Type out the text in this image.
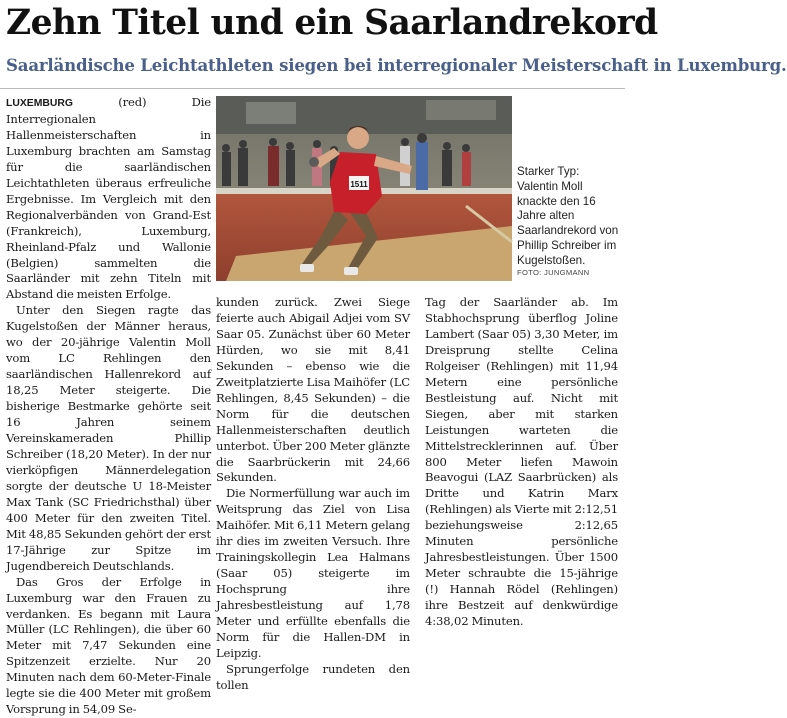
Zehn Titel und ein Saarlandrekord
Saarländische Leichtathleten siegen bei interregionaler Meisterschaft in Luxemburg.

LUXEMBURG	(red) Die Interregionalen Hallenmeisterschaften in Luxemburg brachten am Samstag für die saarländischen Leichtathleten überaus erfreuliche Ergebnisse. Im Vergleich mit den Regionalverbänden von Grand-Est (Frankreich), Luxemburg, Rheinland-Pfalz und Wallonie (Belgien) sammelten die Saarländer mit zehn Titeln mit Abstand die meisten Erfolge.

Unter den Siegen ragte das Kugelstoßen der Männer heraus, wo der 20-jährige Valentin Moll vom LC Rehlingen den saarländischen Hallenrekord auf 18,25 Meter steigerte. Die bisherige Bestmarke gehörte seit 16 Jahren seinem Vereinskameraden Phillip Schreiber (18,20 Meter). In der nur vierköpfigen Männerdelegation sorgte der deutsche U 18-Meister Max Tank (SC Friedrichsthal) über 400 Meter für den zweiten Titel. Mit 48,85 Sekunden gehört der erst 17-Jährige zur Spitze im Jugendbereich Deutschlands.

Das Gros der Erfolge in Luxemburg war den Frauen zu verdanken. Es begann mit Laura Müller (LC Rehlingen), die über 60 Meter mit 7,47 Sekunden eine Spitzenzeit erzielte. Nur 20 Minuten nach dem 60-Meter-Finale legte sie die 400 Meter mit großem Vorsprung in 54,09 Se-

1511
Starker Typ: Valentin Moll knackte den 16 Jahre alten Saarlandrekord von Phillip Schreiber im Kugelstoßen.
FOTO: JUNGMANN

kunden zurück. Zwei Siege feierte auch Abigail Adjei vom SV Saar 05. Zunächst über 60 Meter Hürden, wo sie mit 8,41 Sekunden – ebenso wie die Zweitplatzierte Lisa Maihöfer (LC Rehlingen, 8,45 Sekunden) – die Norm für die deutschen Hallenmeisterschaften deutlich unterbot. Über 200 Meter glänzte die Saarbrückerin mit 24,66 Sekunden.

Die Normerfüllung war auch im Weitsprung das Ziel von Lisa Maihöfer. Mit 6,11 Metern gelang ihr dies im zweiten Versuch. Ihre Trainingskollegin Lea Halmans (Saar 05) steigerte im Hochsprung ihre Jahresbestleistung auf 1,78 Meter und erfüllte ebenfalls die Norm für die Hallen-DM in Leipzig.

Sprungerfolge rundeten den tollen

Tag der Saarländer ab. Im Stabhochsprung überflog Joline Lambert (Saar 05) 3,30 Meter, im Dreisprung stellte Celina Rolgeiser (Rehlingen) mit 11,94 Metern eine persönliche Bestleistung auf. Nicht mit Siegen, aber mit starken Leistungen warteten die Mittelstrecklerinnen auf. Über 800 Meter liefen Mawoin Beavogui (LAZ Saarbrücken) als Dritte und Katrin Marx (Rehlingen) als Vierte mit 2:12,51 beziehungsweise 2:12,65 Minuten persönliche Jahresbestleistungen. Über 1500 Meter schraubte die 15-jährige (!) Hannah Rödel (Rehlingen) ihre Bestzeit auf denkwürdige 4:38,02 Minuten.
